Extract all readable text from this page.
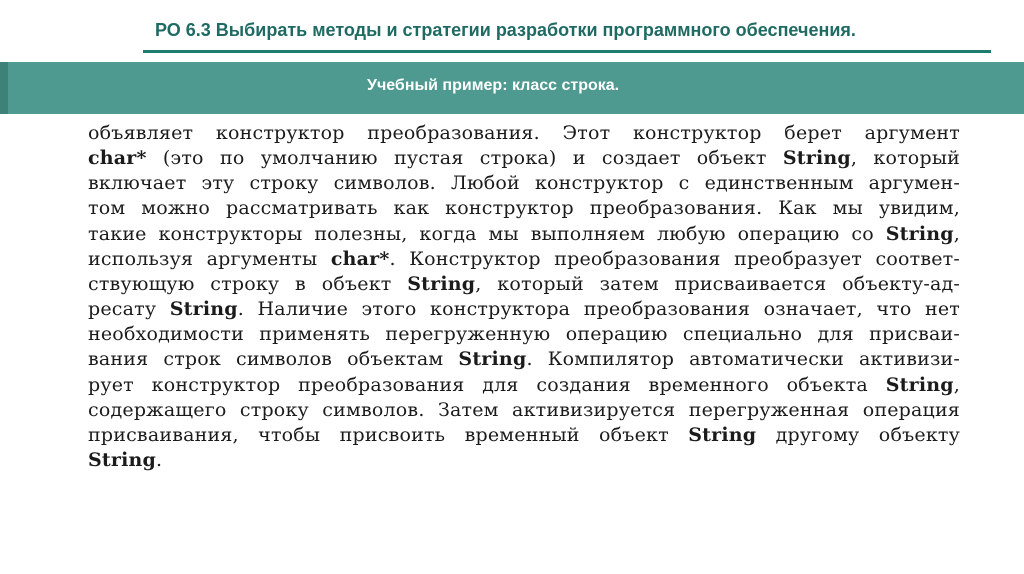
РО 6.3 Выбирать методы и стратегии разработки программного обеспечения.
Учебный пример: класс строка.
объявляет конструктор преобразования. Этот конструктор берет аргумент
char* (это по умолчанию пустая строка) и создает объект String, который
включает эту строку символов. Любой конструктор с единственным аргумен-
том можно рассматривать как конструктор преобразования. Как мы увидим,
такие конструкторы полезны, когда мы выполняем любую операцию со String,
используя аргументы char*. Конструктор преобразования преобразует соответ-
ствующую строку в объект String, который затем присваивается объекту-ад-
ресату String. Наличие этого конструктора преобразования означает, что нет
необходимости применять перегруженную операцию специально для присваи-
вания строк символов объектам String. Компилятор автоматически активизи-
рует конструктор преобразования для создания временного объекта String,
содержащего строку символов. Затем активизируется перегруженная операция
присваивания, чтобы присвоить временный объект String другому объекту
String.
